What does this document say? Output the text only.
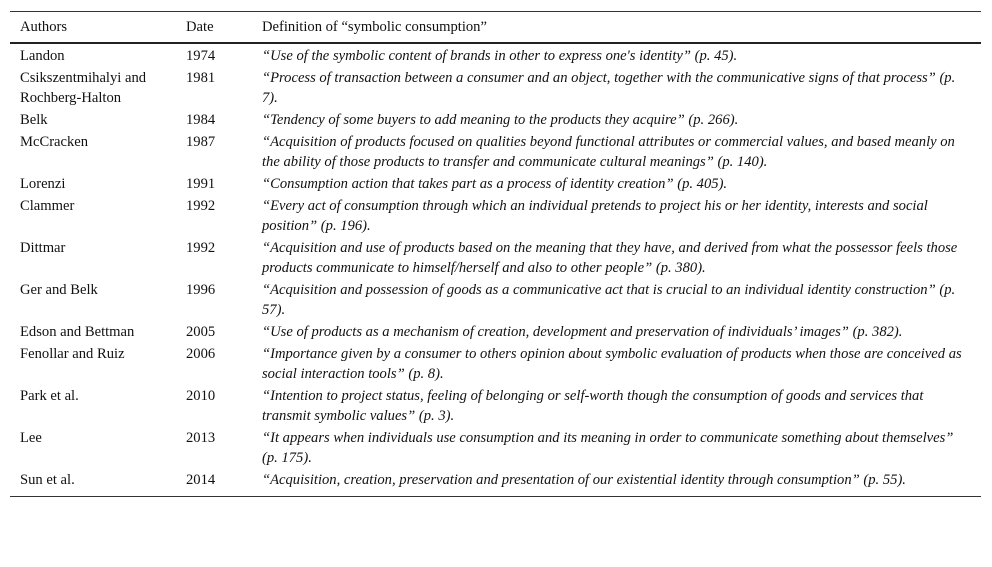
Authors	Date	Definition of “symbolic consumption”
Landon	1974	“Use of the symbolic content of brands in other to express one's identity” (p. 45).
Csikszentmihalyi and Rochberg-Halton	1981	“Process of transaction between a consumer and an object, together with the communicative signs of that process” (p. 7).
Belk	1984	“Tendency of some buyers to add meaning to the products they acquire” (p. 266).
McCracken	1987	“Acquisition of products focused on qualities beyond functional attributes or commercial values, and based meanly on the ability of those products to transfer and communicate cultural meanings” (p. 140).
Lorenzi	1991	“Consumption action that takes part as a process of identity creation” (p. 405).
Clammer	1992	“Every act of consumption through which an individual pretends to project his or her identity, interests and social position” (p. 196).
Dittmar	1992	“Acquisition and use of products based on the meaning that they have, and derived from what the possessor feels those products communicate to himself/herself and also to other people” (p. 380).
Ger and Belk	1996	“Acquisition and possession of goods as a communicative act that is crucial to an individual identity construction” (p. 57).
Edson and Bettman	2005	“Use of products as a mechanism of creation, development and preservation of individuals’ images” (p. 382).
Fenollar and Ruiz	2006	“Importance given by a consumer to others opinion about symbolic evaluation of products when those are conceived as social interaction tools” (p. 8).
Park et al.	2010	“Intention to project status, feeling of belonging or self-worth though the consumption of goods and services that transmit symbolic values” (p. 3).
Lee	2013	“It appears when individuals use consumption and its meaning in order to communicate something about themselves” (p. 175).
Sun et al.	2014	“Acquisition, creation, preservation and presentation of our existential identity through consumption” (p. 55).
